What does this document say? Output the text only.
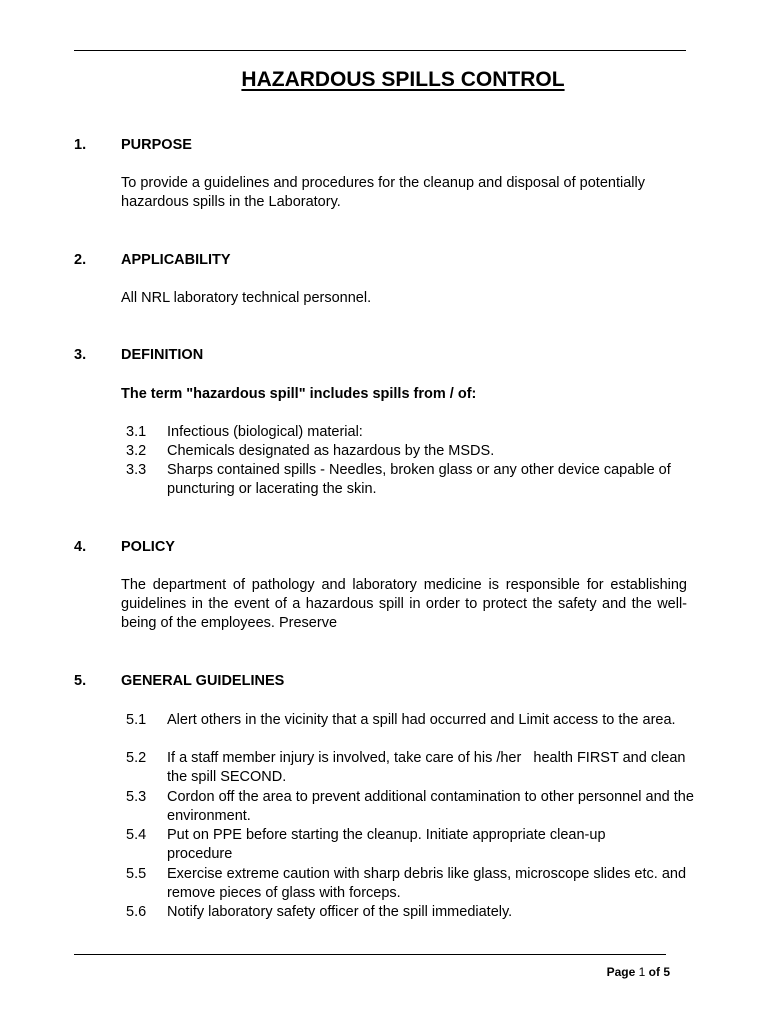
HAZARDOUS SPILLS CONTROL
1. PURPOSE
To provide a guidelines and procedures for the cleanup and disposal of potentially hazardous spills in the Laboratory.
2. APPLICABILITY
All NRL laboratory technical personnel.
3. DEFINITION
The term "hazardous spill" includes spills from / of:
3.1 Infectious (biological) material:
3.2 Chemicals designated as hazardous by the MSDS.
3.3 Sharps contained spills - Needles, broken glass or any other device capable of puncturing or lacerating the skin.
4. POLICY
The department of pathology and laboratory medicine is responsible for establishing guidelines in the event of a hazardous spill in order to protect the safety and the well-being of the employees. Preserve
5. GENERAL GUIDELINES
5.1 Alert others in the vicinity that a spill had occurred and Limit access to the area.
5.2 If a staff member injury is involved, take care of his /her   health FIRST and clean the spill SECOND.
5.3 Cordon off the area to prevent additional contamination to other personnel and the environment.
5.4 Put on PPE before starting the cleanup. Initiate appropriate clean-up procedure
5.5 Exercise extreme caution with sharp debris like glass, microscope slides etc. and remove pieces of glass with forceps.
5.6 Notify laboratory safety officer of the spill immediately.
Page 1 of 5
